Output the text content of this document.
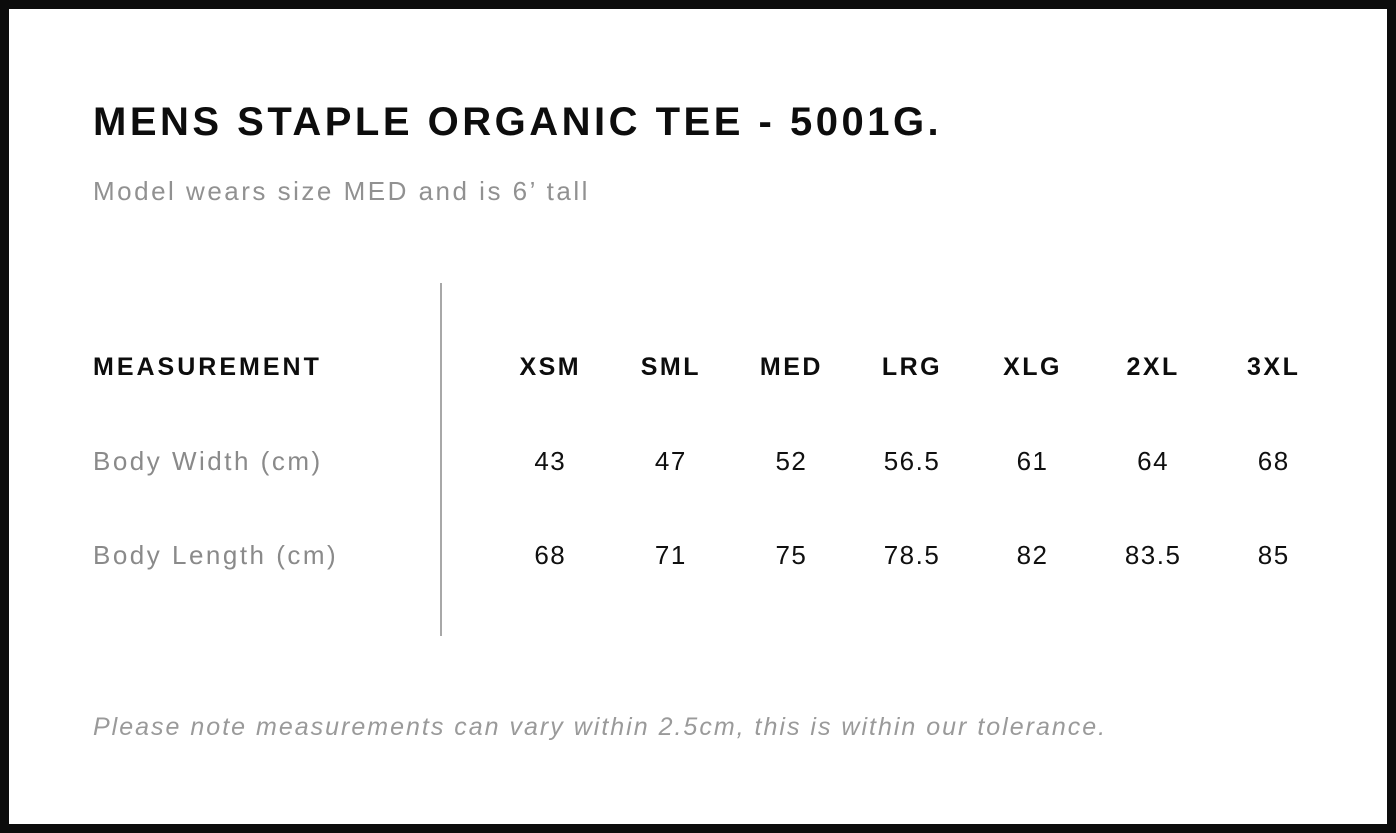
MENS STAPLE ORGANIC TEE - 5001G.

Model wears size MED and is 6’ tall

MEASUREMENT	XSM	SML	MED	LRG	XLG	2XL	3XL
Body Width (cm)	43	47	52	56.5	61	64	68
Body Length (cm)	68	71	75	78.5	82	83.5	85

Please note measurements can vary within 2.5cm, this is within our tolerance.
